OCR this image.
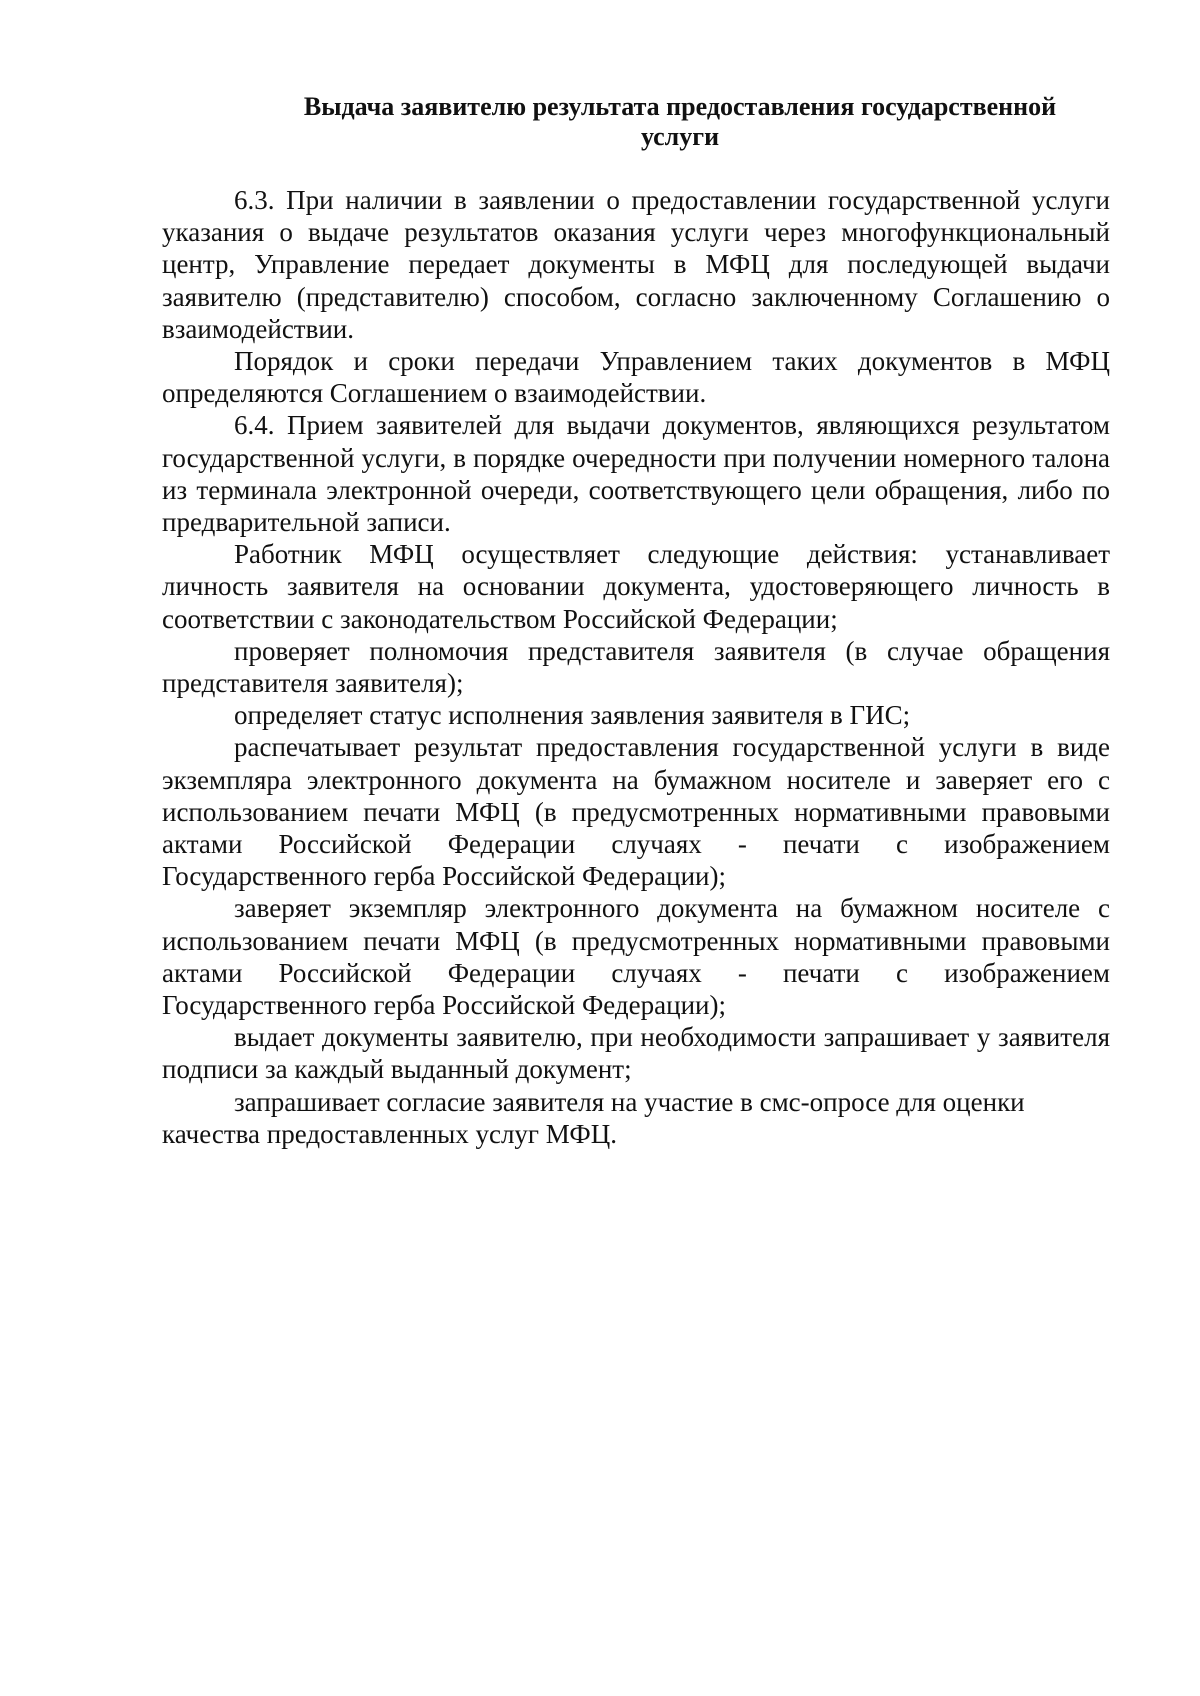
Выдача заявителю результата предоставления государственной
услуги

6.3. При наличии в заявлении о предоставлении государственной услуги указания о выдаче результатов оказания услуги через многофункциональный центр, Управление передает документы в МФЦ для последующей выдачи заявителю (представителю) способом, согласно заключенному Соглашению о взаимодействии.

Порядок и сроки передачи Управлением таких документов в МФЦ определяются Соглашением о взаимодействии.

6.4. Прием заявителей для выдачи документов, являющихся результатом государственной услуги, в порядке очередности при получении номерного талона из терминала электронной очереди, соответствующего цели обращения, либо по предварительной записи.

Работник МФЦ осуществляет следующие действия: устанавливает личность заявителя на основании документа, удостоверяющего личность в соответствии с законодательством Российской Федерации;

проверяет полномочия представителя заявителя (в случае обращения представителя заявителя);

определяет статус исполнения заявления заявителя в ГИС;

распечатывает результат предоставления государственной услуги в виде экземпляра электронного документа на бумажном носителе и заверяет его с использованием печати МФЦ (в предусмотренных нормативными правовыми актами Российской Федерации случаях - печати с изображением Государственного герба Российской Федерации);

заверяет экземпляр электронного документа на бумажном носителе с использованием печати МФЦ (в предусмотренных нормативными правовыми актами Российской Федерации случаях - печати с изображением Государственного герба Российской Федерации);

выдает документы заявителю, при необходимости запрашивает у заявителя подписи за каждый выданный документ;

запрашивает согласие заявителя на участие в смс-опросе для оценки качества предоставленных услуг МФЦ.
